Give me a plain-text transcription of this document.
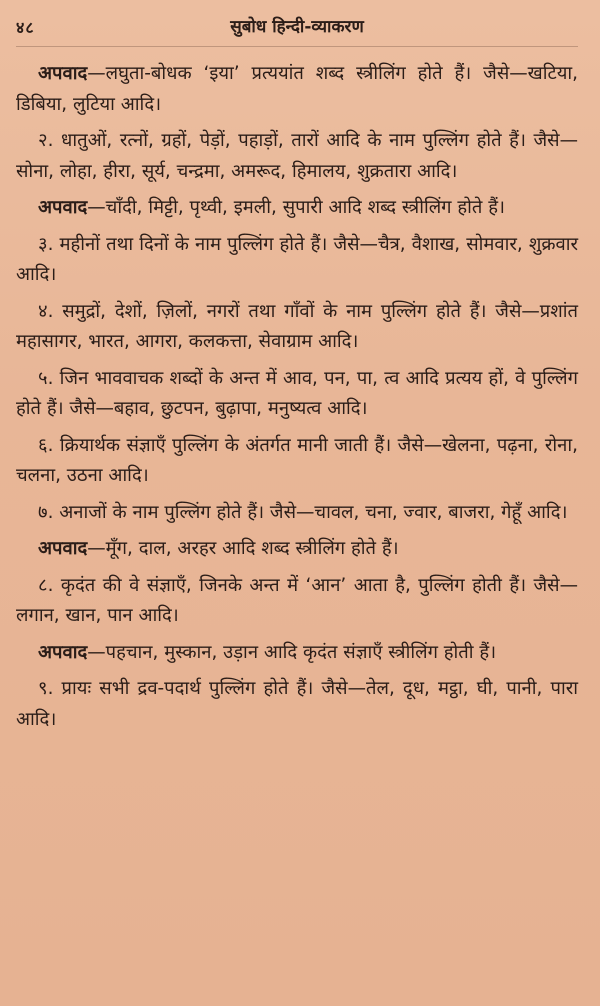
४८	सुबोध हिन्दी-व्याकरण

अपवाद—लघुता-बोधक ‘इया’ प्रत्ययांत शब्द स्त्रीलिंग होते हैं। जैसे—खटिया, डिबिया, लुटिया आदि।

२. धातुओं, रत्नों, ग्रहों, पेड़ों, पहाड़ों, तारों आदि के नाम पुल्लिंग होते हैं। जैसे—सोना, लोहा, हीरा, सूर्य, चन्द्रमा, अमरूद, हिमालय, शुक्रतारा आदि।

अपवाद—चाँदी, मिट्टी, पृथ्वी, इमली, सुपारी आदि शब्द स्त्रीलिंग होते हैं।

३. महीनों तथा दिनों के नाम पुल्लिंग होते हैं। जैसे—चैत्र, वैशाख, सोमवार, शुक्रवार आदि।

४. समुद्रों, देशों, ज़िलों, नगरों तथा गाँवों के नाम पुल्लिंग होते हैं। जैसे—प्रशांत महासागर, भारत, आगरा, कलकत्ता, सेवाग्राम आदि।

५. जिन भाववाचक शब्दों के अन्त में आव, पन, पा, त्व आदि प्रत्यय हों, वे पुल्लिंग होते हैं। जैसे—बहाव, छुटपन, बुढ़ापा, मनुष्यत्व आदि।

६. क्रियार्थक संज्ञाएँ पुल्लिंग के अंतर्गत मानी जाती हैं। जैसे—खेलना, पढ़ना, रोना, चलना, उठना आदि।

७. अनाजों के नाम पुल्लिंग होते हैं। जैसे—चावल, चना, ज्वार, बाजरा, गेहूँ आदि।

अपवाद—मूँग, दाल, अरहर आदि शब्द स्त्रीलिंग होते हैं।

८. कृदंत की वे संज्ञाएँ, जिनके अन्त में ‘आन’ आता है, पुल्लिंग होती हैं। जैसे—लगान, खान, पान आदि।

अपवाद—पहचान, मुस्कान, उड़ान आदि कृदंत संज्ञाएँ स्त्रीलिंग होती हैं।

९. प्रायः सभी द्रव-पदार्थ पुल्लिंग होते हैं। जैसे—तेल, दूध, मट्ठा, घी, पानी, पारा आदि।
